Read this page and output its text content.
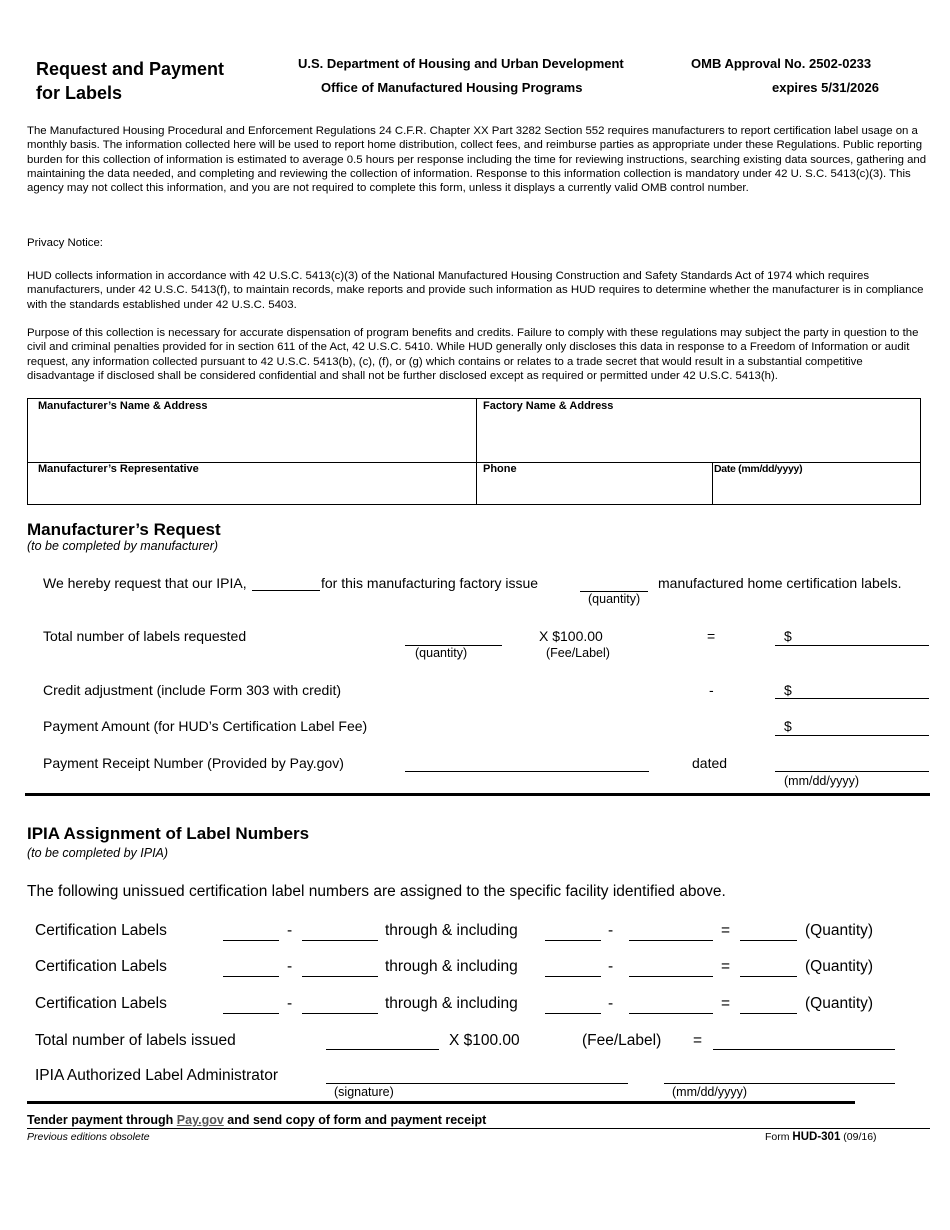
Request and Payment
for Labels
U.S. Department of Housing and Urban Development
Office of Manufactured Housing Programs
OMB Approval No. 2502-0233
expires 5/31/2026
The Manufactured Housing Procedural and Enforcement Regulations 24 C.F.R. Chapter XX Part 3282 Section 552 requires manufacturers to report certification label usage on a monthly basis. The information collected here will be used to report home distribution, collect fees, and reimburse parties as appropriate under these Regulations. Public reporting burden for this collection of information is estimated to average 0.5 hours per response including the time for reviewing instructions, searching existing data sources, gathering and maintaining the data needed, and completing and reviewing the collection of information. Response to this information collection is mandatory under 42 U. S.C. 5413(c)(3). This agency may not collect this information, and you are not required to complete this form, unless it displays a currently valid OMB control number.
Privacy Notice:
HUD collects information in accordance with 42 U.S.C. 5413(c)(3) of the National Manufactured Housing Construction and Safety Standards Act of 1974 which requires manufacturers, under 42 U.S.C. 5413(f), to maintain records, make reports and provide such information as HUD requires to determine whether the manufacturer is in compliance with the standards established under 42 U.S.C. 5403.
Purpose of this collection is necessary for accurate dispensation of program benefits and credits. Failure to comply with these regulations may subject the party in question to the civil and criminal penalties provided for in section 611 of the Act, 42 U.S.C. 5410. While HUD generally only discloses this data in response to a Freedom of Information or audit request, any information collected pursuant to 42 U.S.C. 5413(b), (c), (f), or (g) which contains or relates to a trade secret that would result in a substantial competitive disadvantage if disclosed shall be considered confidential and shall not be further disclosed except as required or permitted under 42 U.S.C. 5413(h).
Manufacturer’s Name & Address	Factory Name & Address
Manufacturer’s Representative	Phone	Date (mm/dd/yyyy)
Manufacturer’s Request
(to be completed by manufacturer)
We hereby request that our IPIA,	for this manufacturing factory issue
(quantity)
manufactured home certification labels.
Total number of labels requested
(quantity)
X $100.00
(Fee/Label)
=	$
Credit adjustment (include Form 303 with credit)	-	$
Payment Amount (for HUD’s Certification Label Fee)	$
Payment Receipt Number (Provided by Pay.gov)	dated
(mm/dd/yyyy)
IPIA Assignment of Label Numbers
(to be completed by IPIA)
The following unissued certification label numbers are assigned to the specific facility identified above.
Certification Labels	-	through & including	-	=	(Quantity)
Certification Labels	-	through & including	-	=	(Quantity)
Certification Labels	-	through & including	-	=	(Quantity)
Total number of labels issued	X $100.00	(Fee/Label) =
IPIA Authorized Label Administrator
(signature)	(mm/dd/yyyy)
Tender payment through Pay.gov and send copy of form and payment receipt
Previous editions obsolete	Form HUD-301 (09/16)
